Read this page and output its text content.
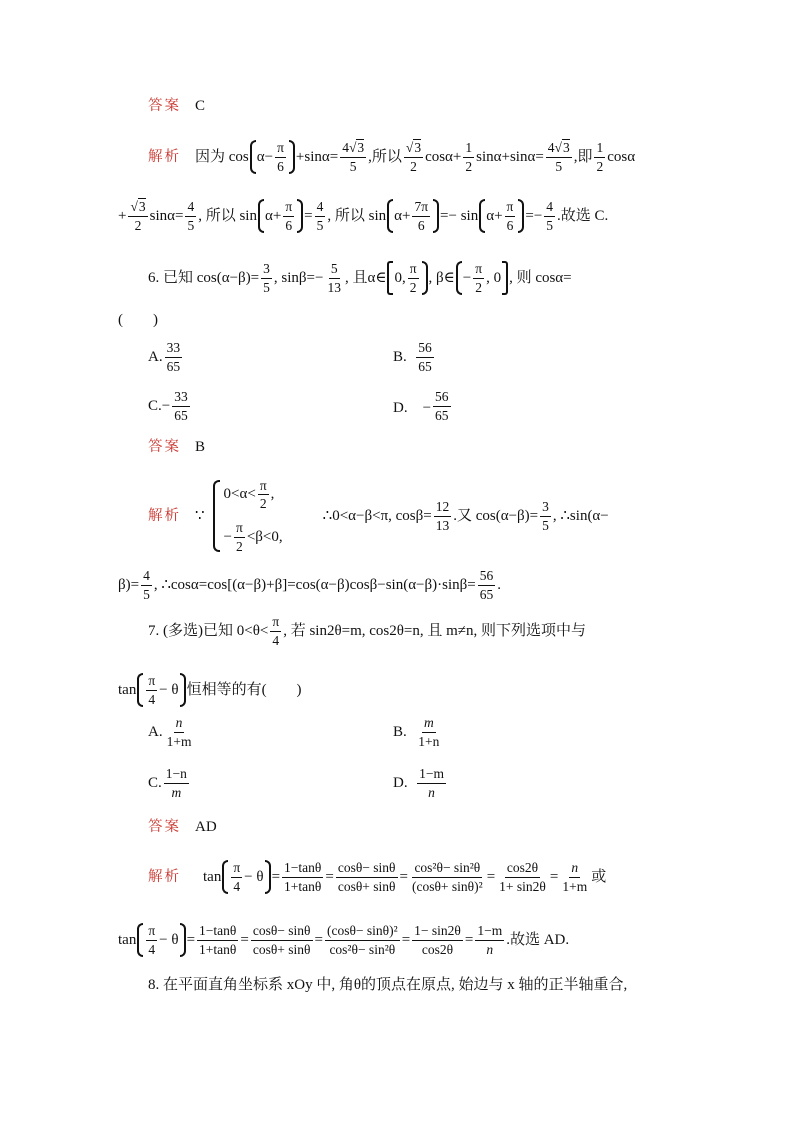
答案 C
解析 因为 $\cos \alpha- \frac{\pi}{6} +\sin\alpha= \frac{4√3}{5}$ ,所以 $\frac{√3}{2} \cos\alpha+ \frac{1}{2} \sin\alpha+\sin\alpha= \frac{4√3}{5}$ ,即 $\frac{1}{2}$ cosα
+ $\frac{√3}{2} \sin\alpha= \frac{4}{5}$ , 所以 $\sin \alpha+ \frac{\pi}{6} = \frac{4}{5}$ , 所以 $\sin \alpha+ \frac{7\pi}{6} =- \sin \alpha+ \frac{\pi}{6} =- \frac{4}{5}$ .故选 C.
6. 已知 $\cos(\alpha-\beta)= \frac{3}{5}$ , $\sin\beta=- \frac{5}{13}$ , 且α∈ 0, $\frac{\pi}{2}$ , β∈ − $\frac{\pi}{2}$ ,
0 , 则 cosα=
(　　)
A. $\frac{33}{65}$	B.
$\frac{56}{65}$
$C.- \frac{33}{65}$	D.　− $\frac{56}{65}$
答案 B
解析 ∵
$0<\alpha< \frac{\pi}{2}$ ,
− $\frac{\pi}{2} <\beta<0$,
∴0<α−β<π, $\cos\beta= \frac{12}{13}$ .又 $\cos(\alpha-\beta)= \frac{3}{5}$ , ∴sin(α−
$\beta)= \frac{4}{5}$ , ∴cosα=cos[(α−β)+β]=cos(α−β)cosβ−sin(α−β)·sinβ= $\frac{56}{65}$ .
7. (多选)已知 $0<\theta< \frac{\pi}{4}$ , 若 sin2θ=m, cos2θ=n, 且 m≠n, 则下列选项中与
$\tan \frac{\pi}{4} - \theta$ 恒相等的有(　　)
A. $\frac{n}{1+m}$	B.
$\frac{m}{1+n}$
C. $\frac{1-n}{m}$	D.
$\frac{1-m}{n}$
答案 AD
解析 $\tan \frac{\pi}{4} - \theta = \frac{1-\tan\theta}{1+\tan\theta} = \frac{\cos\theta- \sin\theta}{\cos\theta+ \sin\theta} = \frac{\text{cos²θ− sin²θ}}{\text{(cosθ+ sinθ)²}} = \frac{\cos 2\theta}{1+ \sin 2\theta} = \frac{n}{1+m}$ 或
$\tan \frac{\pi}{4} - \theta = \frac{1-\tan\theta}{1+\tan\theta} = \frac{\cos\theta- \sin\theta}{\cos\theta+ \sin\theta} = \frac{\text{(cosθ− sinθ)²}}{\text{cos²θ− sin²θ}} = \frac{1- \sin 2\theta}{\cos 2\theta} = \frac{1-m}{n}$ .故选 AD.
8. 在平面直角坐标系 xOy 中, 角θ的顶点在原点, 始边与 x 轴的正半轴重合,
